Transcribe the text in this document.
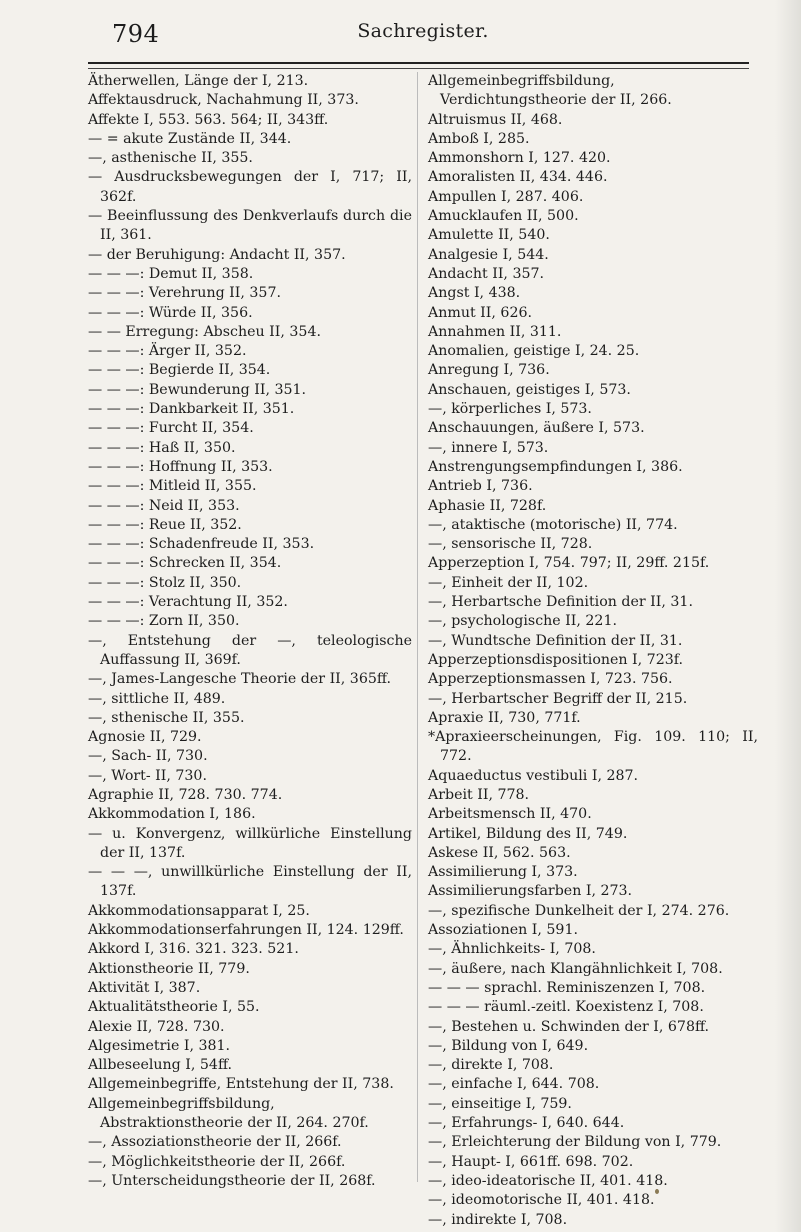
794	Sachregister.
Ätherwellen, Länge der I, 213.
Affektausdruck, Nachahmung II, 373.
Affekte I, 553. 563. 564; II, 343ff.
— = akute Zustände II, 344.
—, asthenische II, 355.
— Ausdrucksbewegungen der I, 717; II, 362f.
— Beeinflussung des Denkverlaufs durch die II, 361.
— der Beruhigung: Andacht II, 357.
— — —: Demut II, 358.
— — —: Verehrung II, 357.
— — —: Würde II, 356.
— — Erregung: Abscheu II, 354.
— — —: Ärger II, 352.
— — —: Begierde II, 354.
— — —: Bewunderung II, 351.
— — —: Dankbarkeit II, 351.
— — —: Furcht II, 354.
— — —: Haß II, 350.
— — —: Hoffnung II, 353.
— — —: Mitleid II, 355.
— — —: Neid II, 353.
— — —: Reue II, 352.
— — —: Schadenfreude II, 353.
— — —: Schrecken II, 354.
— — —: Stolz II, 350.
— — —: Verachtung II, 352.
— — —: Zorn II, 350.
—, Entstehung der —, teleologische Auffassung II, 369f.
—, James-Langesche Theorie der II, 365ff.
—, sittliche II, 489.
—, sthenische II, 355.
Agnosie II, 729.
—, Sach- II, 730.
—, Wort- II, 730.
Agraphie II, 728. 730. 774.
Akkommodation I, 186.
— u. Konvergenz, willkürliche Einstellung der II, 137f.
— — —, unwillkürliche Einstellung der II, 137f.
Akkommodationsapparat I, 25.
Akkommodationserfahrungen II, 124. 129ff.
Akkord I, 316. 321. 323. 521.
Aktionstheorie II, 779.
Aktivität I, 387.
Aktualitätstheorie I, 55.
Alexie II, 728. 730.
Algesimetrie I, 381.
Allbeseelung I, 54ff.
Allgemeinbegriffe, Entstehung der II, 738.
Allgemeinbegriffsbildung, Abstraktionstheorie der II, 264. 270f.
—, Assoziationstheorie der II, 266f.
—, Möglichkeitstheorie der II, 266f.
—, Unterscheidungstheorie der II, 268f.
Allgemeinbegriffsbildung, Verdichtungstheorie der II, 266.
Altruismus II, 468.
Amboß I, 285.
Ammonshorn I, 127. 420.
Amoralisten II, 434. 446.
Ampullen I, 287. 406.
Amucklaufen II, 500.
Amulette II, 540.
Analgesie I, 544.
Andacht II, 357.
Angst I, 438.
Anmut II, 626.
Annahmen II, 311.
Anomalien, geistige I, 24. 25.
Anregung I, 736.
Anschauen, geistiges I, 573.
—, körperliches I, 573.
Anschauungen, äußere I, 573.
—, innere I, 573.
Anstrengungsempfindungen I, 386.
Antrieb I, 736.
Aphasie II, 728f.
—, ataktische (motorische) II, 774.
—, sensorische II, 728.
Apperzeption I, 754. 797; II, 29ff. 215f.
—, Einheit der II, 102.
—, Herbartsche Definition der II, 31.
—, psychologische II, 221.
—, Wundtsche Definition der II, 31.
Apperzeptionsdispositionen I, 723f.
Apperzeptionsmassen I, 723. 756.
—, Herbartscher Begriff der II, 215.
Apraxie II, 730, 771f.
*Apraxieerscheinungen, Fig. 109. 110; II, 772.
Aquaeductus vestibuli I, 287.
Arbeit II, 778.
Arbeitsmensch II, 470.
Artikel, Bildung des II, 749.
Askese II, 562. 563.
Assimilierung I, 373.
Assimilierungsfarben I, 273.
—, spezifische Dunkelheit der I, 274. 276.
Assoziationen I, 591.
—, Ähnlichkeits- I, 708.
—, äußere, nach Klangähnlichkeit I, 708.
— — — sprachl. Reminiszenzen I, 708.
— — — räuml.-zeitl. Koexistenz I, 708.
—, Bestehen u. Schwinden der I, 678ff.
—, Bildung von I, 649.
—, direkte I, 708.
—, einfache I, 644. 708.
—, einseitige I, 759.
—, Erfahrungs- I, 640. 644.
—, Erleichterung der Bildung von I, 779.
—, Haupt- I, 661ff. 698. 702.
—, ideo-ideatorische II, 401. 418.
—, ideomotorische II, 401. 418.
—, indirekte I, 708.
